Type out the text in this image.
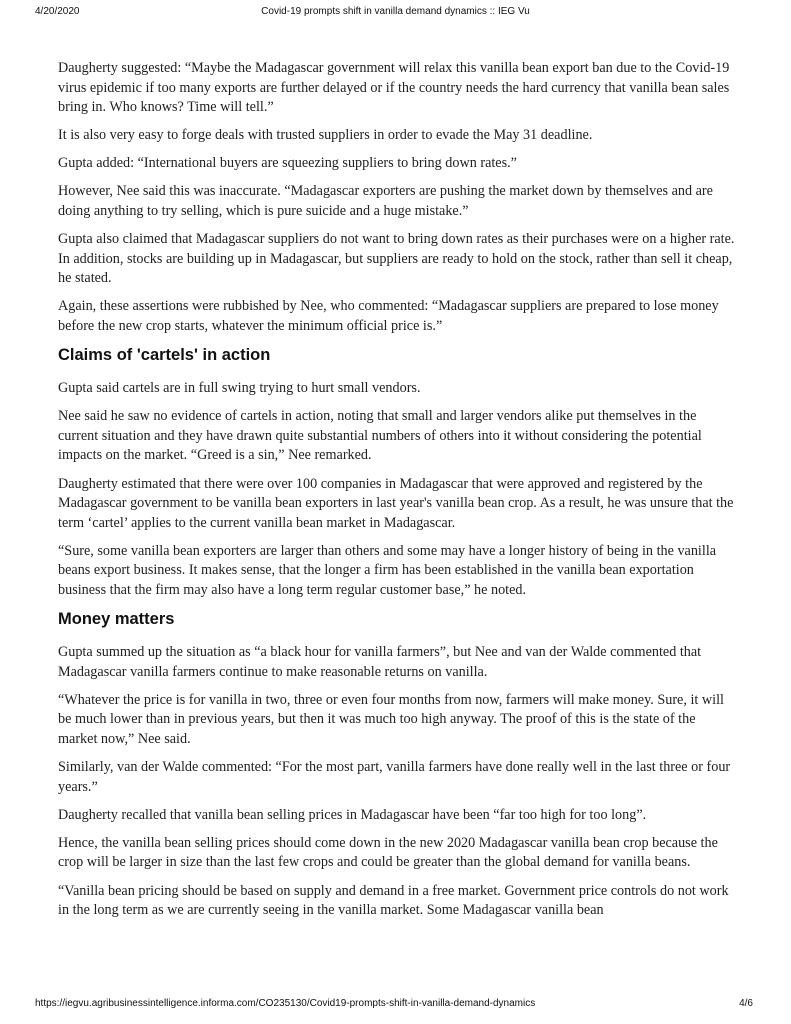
4/20/2020	Covid-19 prompts shift in vanilla demand dynamics :: IEG Vu

Daugherty suggested: “Maybe the Madagascar government will relax this vanilla bean export ban due to the Covid-19 virus epidemic if too many exports are further delayed or if the country needs the hard currency that vanilla bean sales bring in. Who knows? Time will tell.”

It is also very easy to forge deals with trusted suppliers in order to evade the May 31 deadline.

Gupta added: “International buyers are squeezing suppliers to bring down rates.”

However, Nee said this was inaccurate. “Madagascar exporters are pushing the market down by themselves and are doing anything to try selling, which is pure suicide and a huge mistake.”

Gupta also claimed that Madagascar suppliers do not want to bring down rates as their purchases were on a higher rate. In addition, stocks are building up in Madagascar, but suppliers are ready to hold on the stock, rather than sell it cheap, he stated.

Again, these assertions were rubbished by Nee, who commented: “Madagascar suppliers are prepared to lose money before the new crop starts, whatever the minimum official price is.”

Claims of 'cartels' in action

Gupta said cartels are in full swing trying to hurt small vendors.

Nee said he saw no evidence of cartels in action, noting that small and larger vendors alike put themselves in the current situation and they have drawn quite substantial numbers of others into it without considering the potential impacts on the market. “Greed is a sin,” Nee remarked.

Daugherty estimated that there were over 100 companies in Madagascar that were approved and registered by the Madagascar government to be vanilla bean exporters in last year's vanilla bean crop. As a result, he was unsure that the term ‘cartel’ applies to the current vanilla bean market in Madagascar.

“Sure, some vanilla bean exporters are larger than others and some may have a longer history of being in the vanilla beans export business. It makes sense, that the longer a firm has been established in the vanilla bean exportation business that the firm may also have a long term regular customer base,” he noted.

Money matters

Gupta summed up the situation as “a black hour for vanilla farmers”, but Nee and van der Walde commented that Madagascar vanilla farmers continue to make reasonable returns on vanilla.

“Whatever the price is for vanilla in two, three or even four months from now, farmers will make money. Sure, it will be much lower than in previous years, but then it was much too high anyway. The proof of this is the state of the market now,” Nee said.

Similarly, van der Walde commented: “For the most part, vanilla farmers have done really well in the last three or four years.”

Daugherty recalled that vanilla bean selling prices in Madagascar have been “far too high for too long”.

Hence, the vanilla bean selling prices should come down in the new 2020 Madagascar vanilla bean crop because the crop will be larger in size than the last few crops and could be greater than the global demand for vanilla beans.

“Vanilla bean pricing should be based on supply and demand in a free market. Government price controls do not work in the long term as we are currently seeing in the vanilla market. Some Madagascar vanilla bean

https://iegvu.agribusinessintelligence.informa.com/CO235130/Covid19-prompts-shift-in-vanilla-demand-dynamics	4/6
